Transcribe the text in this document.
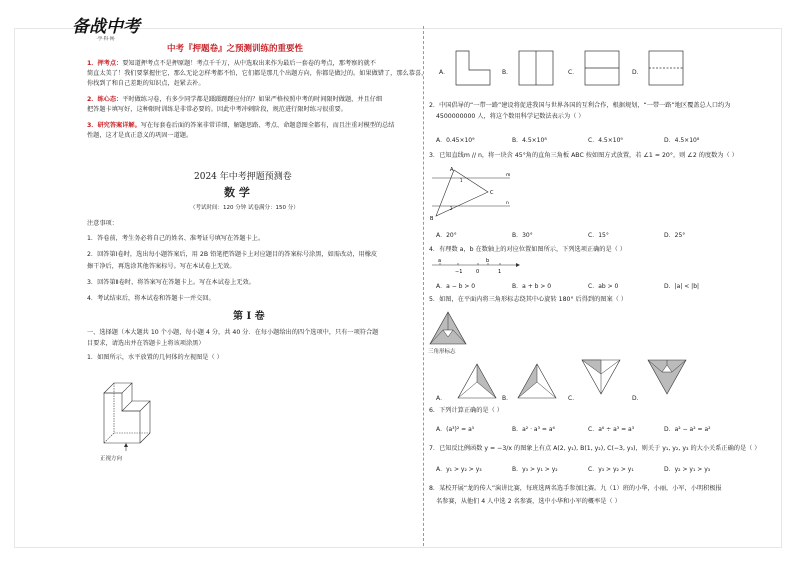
备战中考
·学·科·网·
中考『押题卷』之预测训练的重要性
1．押考点：要知道押考点不是押原题！考点千千万，从中选取出来作为最后一套卷的考点，那考察的就不
简直太美了！我们要掌握住它，那么无论怎样考都不怕，它们都是那几个出题方向，你都是做过的。如果做错了，那么恭喜，
你找到了和自己差距的知识点，赶紧去补。
2．练心态：平时做练习卷，有多少同学都是蹑蹑蹉蹉应付的？如果严格按照中考的时间限时做题，并且仔细
把答题卡填写好，这种限时训练是非常必要的。因此中考冲刺阶段，规范进行限时练习很重要。
3．研究答案详解。写在每套卷后面的答案非常详细，解题思路、考点、命题意图全都有，而且注重对模型的总结
性题，这才是真正意义的巩固一道题。
2024 年中考押题预测卷
数 学
（考试时间：120 分钟 试卷满分：150 分）
注意事项：
1．答卷前，考生务必将自己的姓名、准考证号填写在答题卡上。
2．回答第Ⅰ卷时，选出每小题答案后，用 2B 铅笔把答题卡上对应题目的答案标号涂黑，如需改动，用橡皮
擦干净后，再选涂其他答案标号。写在本试卷上无效。
3．回答第Ⅱ卷时，将答案写在答题卡上。写在本试卷上无效。
4．考试结束后，将本试卷和答题卡一并交回。
第 Ⅰ 卷
一、选择题（本大题共 10 个小题，每小题 4 分，共 40 分．在每小题给出的四个选项中，只有一项符合题
目要求，请选出并在答题卡上将该项涂黑）
1．如图所示，水平放置的几何体的左视图是（ ）
正视方向
A．	B．	C．	D．
2．中国倡导的“一带一路”建设将促进我国与世界各国的互利合作，根据规划，“一带一路”地区覆盖总人口约为
4500000000 人，将这个数用科学记数法表示为（ ）
A．0.45×10⁹	B．4.5×10⁸	C．4.5×10⁹	D．4.5×10⁸
3．已知直线m // n，将一块含 45°角的直角三角板 ABC 按如图方式放置，若 ∠1 = 20°，则 ∠2 的度数为（ ）
A
B
C
1
2
m
n
A．20°	B．30°	C．15°	D．25°
4．有理数 a，b 在数轴上的对应位置如图所示，下列选项正确的是（ ）
a
−1	0
b
1
A．a − b > 0	B．a + b > 0	C．ab > 0	D．|a| < |b|
5．如图，在平面内将三角形标志绕其中心旋转 180° 后得到的图案（ ）
三角形标志
A．	B．	C．	D．
6．下列计算正确的是（ ）
A．(a³)² = a⁵	B．a² · a³ = a⁶	C．a⁶ ÷ a³ = a³	D．a² − a² = a²
7．已知反比例函数 y = −3/x 的图象上有点 A(2, y₁), B(1, y₂), C(−3, y₃)，则关于 y₁, y₂, y₃ 的大小关系正确的是（ ）
A．y₁ > y₂ > y₃	B．y₃ > y₁ > y₂	C．y₃ > y₂ > y₁	D．y₂ > y₁ > y₃
8．某校开展“龙的传人”演讲比赛，每班选两名选手参加比赛。九（1）班的小华，小丽，小军，小明积极报
名参赛，从他们 4 人中选 2 名参赛，选中小华和小军的概率是（ ）
